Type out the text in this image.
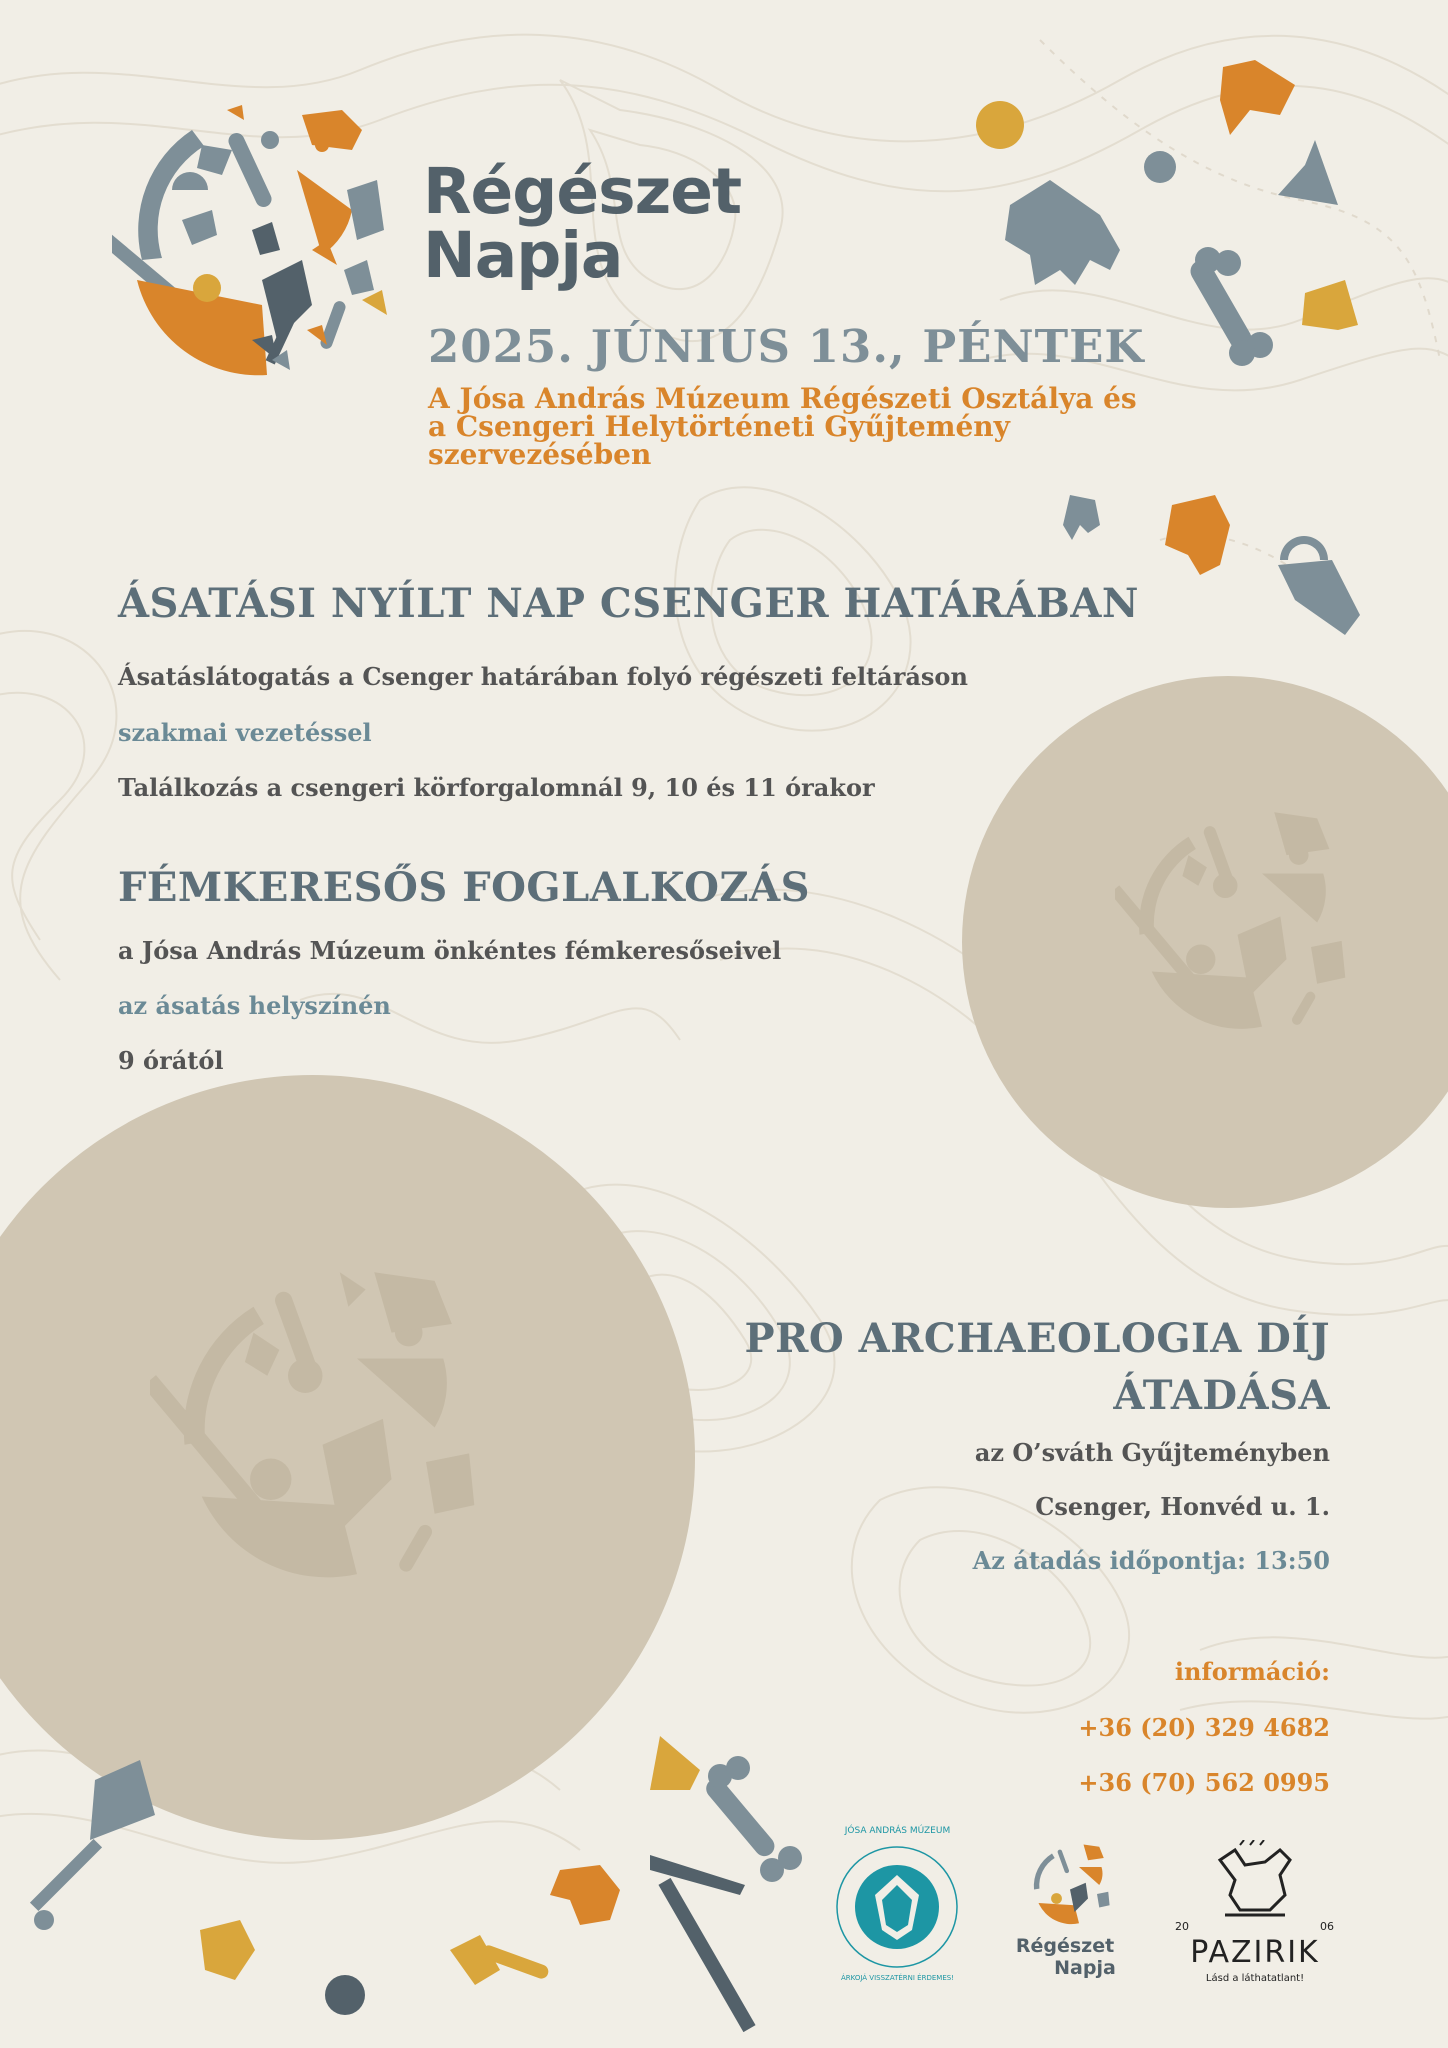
Régészet
Napja
2025. JÚNIUS 13., PÉNTEK
A Jósa András Múzeum Régészeti Osztálya és
a Csengeri Helytörténeti Gyűjtemény
szervezésében
ÁSATÁSI NYÍLT NAP CSENGER HATÁRÁBAN
Ásatáslátogatás a Csenger határában folyó régészeti feltáráson
szakmai vezetéssel
Találkozás a csengeri körforgalomnál 9, 10 és 11 órakor
FÉMKERESŐS FOGLALKOZÁS
a Jósa András Múzeum önkéntes fémkeresőseivel
az ásatás helyszínén
9 órától
PRO ARCHAEOLOGIA DÍJ
ÁTADÁSA
az O’sváth Gyűjteményben
Csenger, Honvéd u. 1.
Az átadás időpontja: 13:50
információ:
+36 (20) 329 4682
+36 (70) 562 0995
JÓSA ANDRÁS MÚZEUM
ÁRKOJÁ VISSZATÉRNI ÉRDEMES!
Régészet
Napja
20	06
PAZIRIK
Lásd a láthatatlant!
